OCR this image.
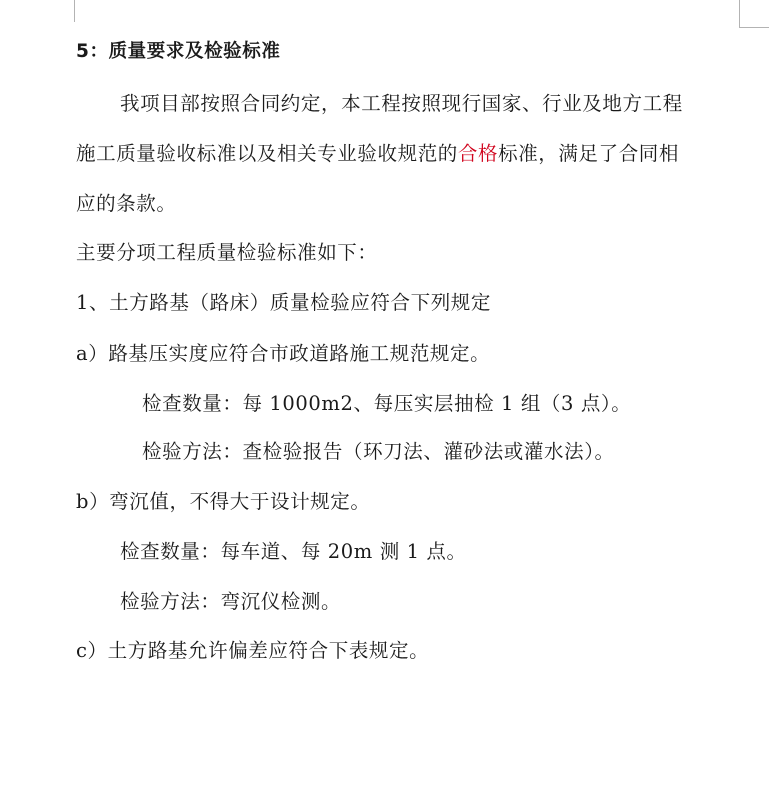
5：质量要求及检验标准
我项目部按照合同约定，本工程按照现行国家、行业及地方工程
施工质量验收标准以及相关专业验收规范的合格标准，满足了合同相
应的条款。
主要分项工程质量检验标准如下：
1、土方路基（路床）质量检验应符合下列规定
a）路基压实度应符合市政道路施工规范规定。
检查数量：每 1000m2、每压实层抽检 1 组（3 点）。
检验方法：查检验报告（环刀法、灌砂法或灌水法）。
b）弯沉值，不得大于设计规定。
检查数量：每车道、每 20m 测 1 点。
检验方法：弯沉仪检测。
c）土方路基允许偏差应符合下表规定。
